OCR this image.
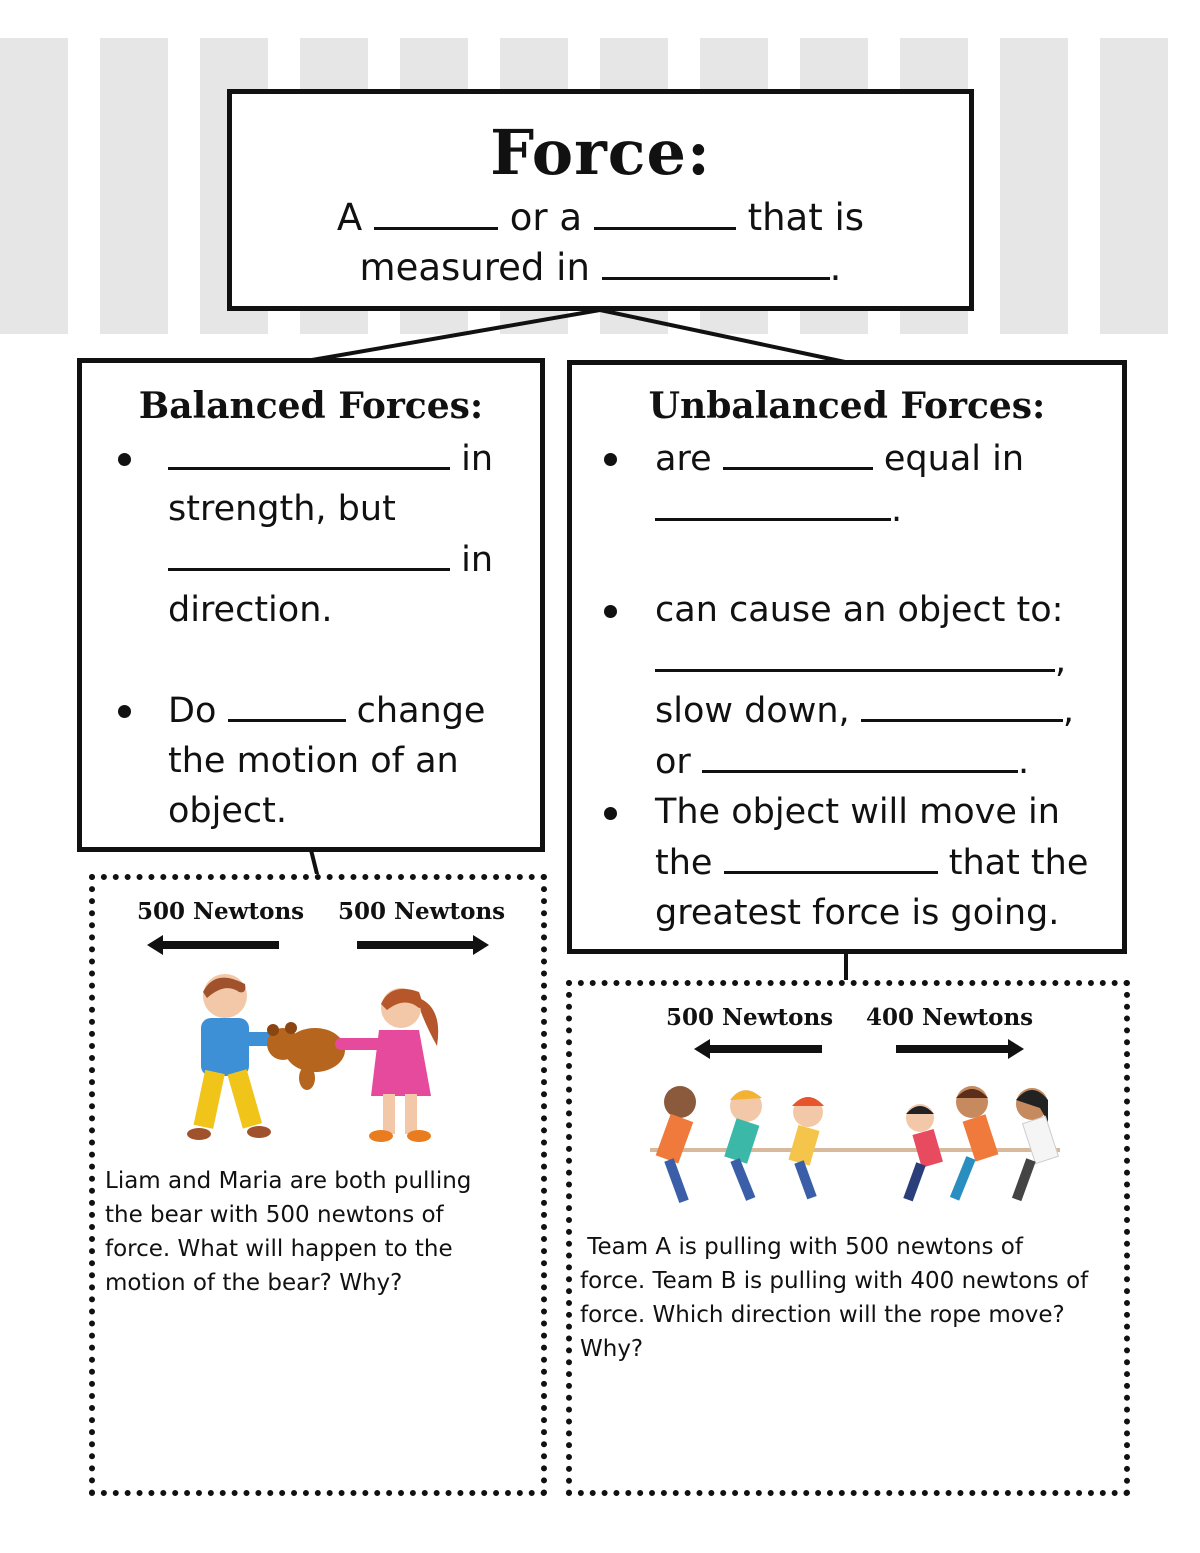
Force:
A	or a	that is
measured in	.
Balanced Forces:
in
strength, but
in
direction.
Do	change
the motion of an
object.
Unbalanced Forces:
are	equal in
.
can cause an object to:
,
slow down,	,
or	.
The object will move in
the	that the
greatest force is going.
500 Newtons 500 Newtons
Liam and Maria are both pulling
the bear with 500 newtons of
force. What will happen to the
motion of the bear? Why?
500 Newtons 400 Newtons
Team A is pulling with 500 newtons of
force. Team B is pulling with 400 newtons of
force. Which direction will the rope move?
Why?
